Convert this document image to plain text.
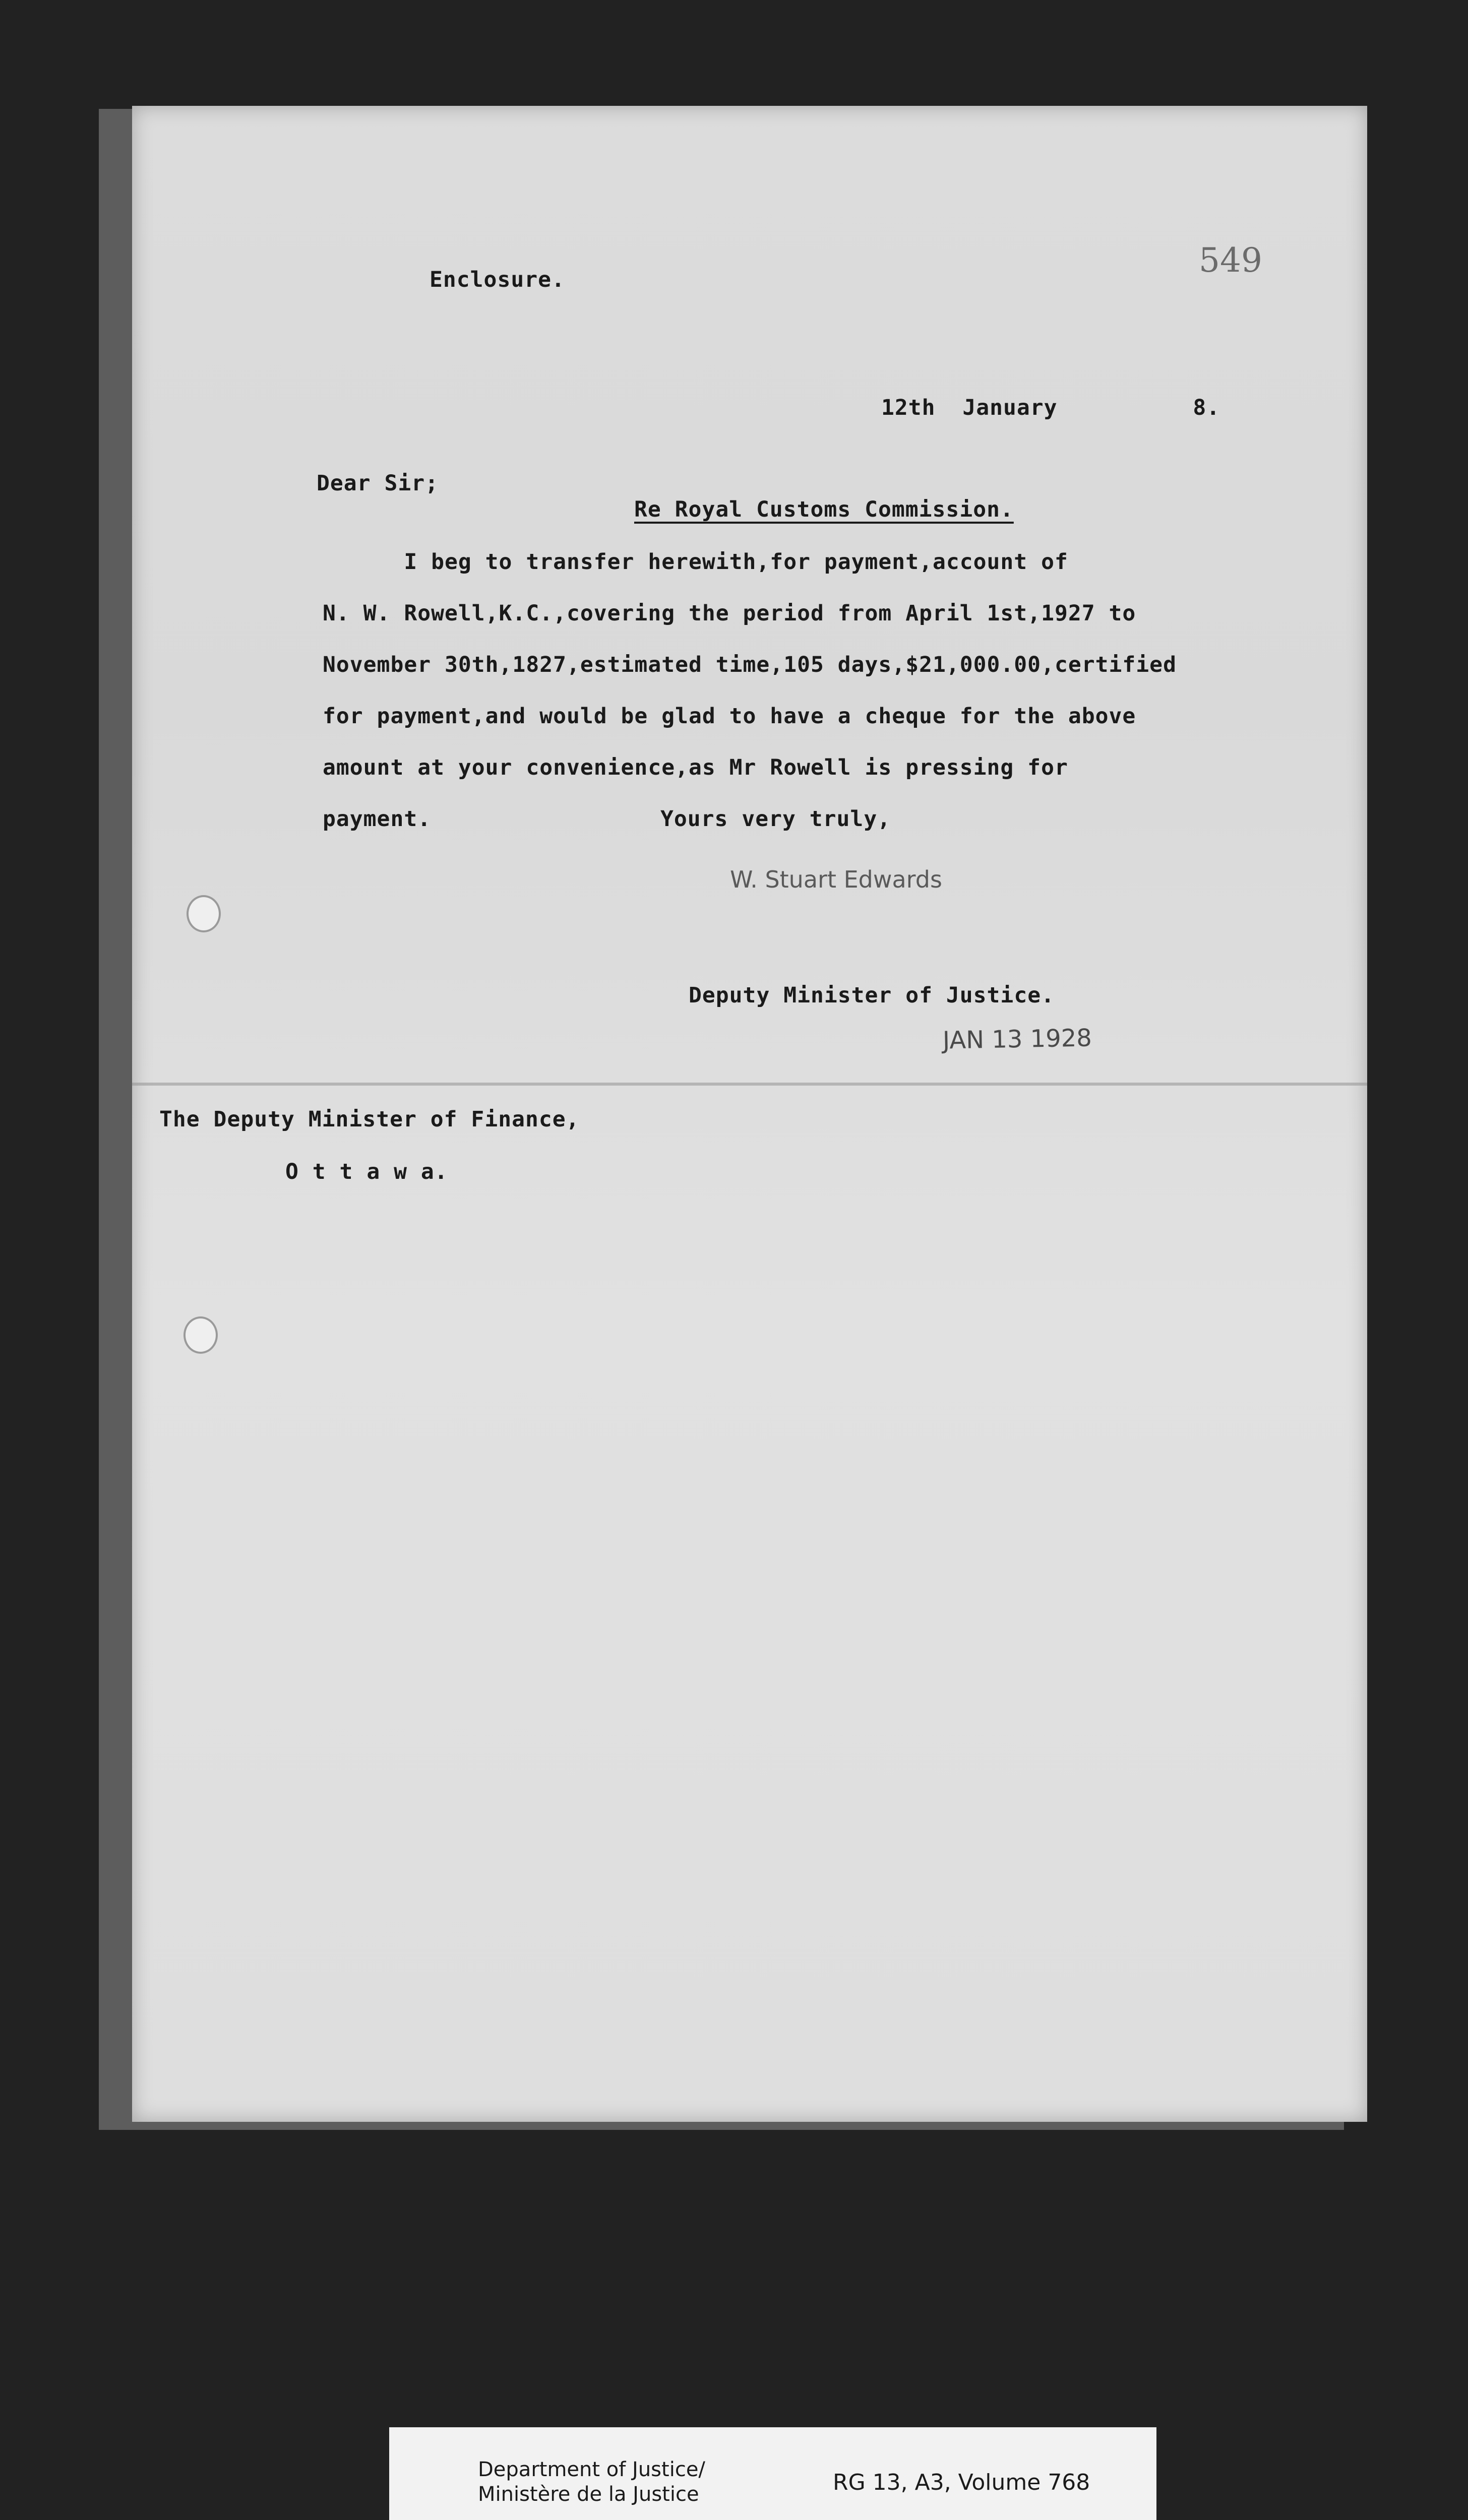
549
Enclosure.
12th  January          8.
Dear Sir;
Re Royal Customs Commission.
I beg to transfer herewith,for payment,account of
N. W. Rowell,K.C.,covering the period from April 1st,1927 to
November 30th,1827,estimated time,105 days,$21,000.00,certified
for payment,and would be glad to have a cheque for the above
amount at your convenience,as Mr Rowell is pressing for
payment.	Yours very truly,
W. Stuart Edwards
Deputy Minister of Justice.
JAN 13 1928
The Deputy Minister of Finance,
O t t a w a.
Department of Justice/
Ministère de la Justice	RG 13, A3, Volume 768
